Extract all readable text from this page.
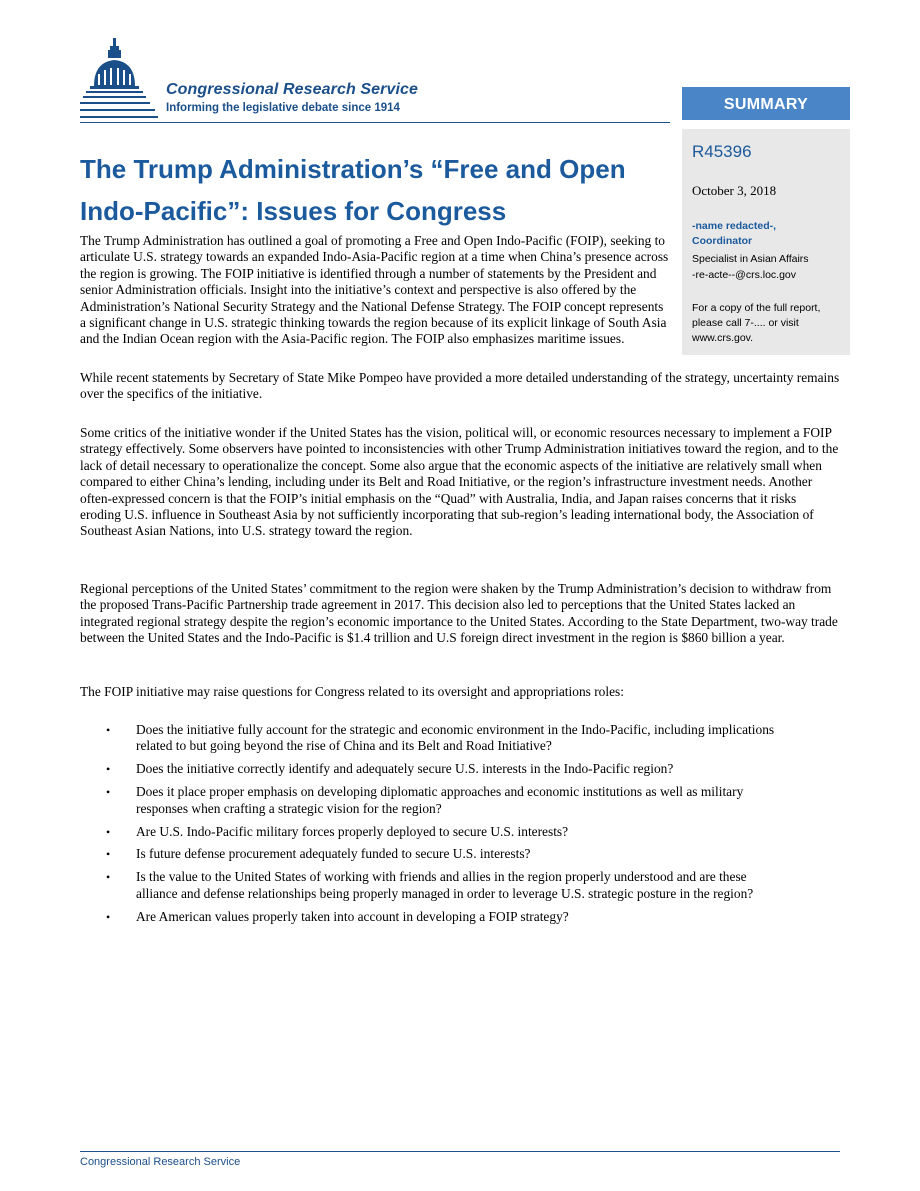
Congressional Research Service
Informing the legislative debate since 1914	SUMMARY
R45396
October 3, 2018
-name redacted-,
Coordinator
Specialist in Asian Affairs
-re-acte--@crs.loc.gov
For a copy of the full report, please call 7-.... or visit www.crs.gov.
The Trump Administration’s “Free and Open Indo-Pacific”: Issues for Congress

The Trump Administration has outlined a goal of promoting a Free and Open Indo-Pacific (FOIP), seeking to articulate U.S. strategy towards an expanded Indo-Asia-Pacific region at a time when China’s presence across the region is growing. The FOIP initiative is identified through a number of statements by the President and senior Administration officials. Insight into the initiative’s context and perspective is also offered by the Administration’s National Security Strategy and the National Defense Strategy. The FOIP concept represents a significant change in U.S. strategic thinking towards the region because of its explicit linkage of South Asia and the Indian Ocean region with the Asia-Pacific region. The FOIP also emphasizes maritime issues.

While recent statements by Secretary of State Mike Pompeo have provided a more detailed understanding of the strategy, uncertainty remains over the specifics of the initiative.

Some critics of the initiative wonder if the United States has the vision, political will, or economic resources necessary to implement a FOIP strategy effectively. Some observers have pointed to inconsistencies with other Trump Administration initiatives toward the region, and to the lack of detail necessary to operationalize the concept. Some also argue that the economic aspects of the initiative are relatively small when compared to either China’s lending, including under its Belt and Road Initiative, or the region’s infrastructure investment needs. Another often-expressed concern is that the FOIP’s initial emphasis on the “Quad” with Australia, India, and Japan raises concerns that it risks eroding U.S. influence in Southeast Asia by not sufficiently incorporating that sub-region’s leading international body, the Association of Southeast Asian Nations, into U.S. strategy toward the region.

Regional perceptions of the United States’ commitment to the region were shaken by the Trump Administration’s decision to withdraw from the proposed Trans-Pacific Partnership trade agreement in 2017. This decision also led to perceptions that the United States lacked an integrated regional strategy despite the region’s economic importance to the United States. According to the State Department, two-way trade between the United States and the Indo-Pacific is $1.4 trillion and U.S foreign direct investment in the region is $860 billion a year.

The FOIP initiative may raise questions for Congress related to its oversight and appropriations roles:

• Does the initiative fully account for the strategic and economic environment in the Indo-Pacific, including implications related to but going beyond the rise of China and its Belt and Road Initiative?
• Does the initiative correctly identify and adequately secure U.S. interests in the Indo-Pacific region?
• Does it place proper emphasis on developing diplomatic approaches and economic institutions as well as military responses when crafting a strategic vision for the region?
• Are U.S. Indo-Pacific military forces properly deployed to secure U.S. interests?
• Is future defense procurement adequately funded to secure U.S. interests?
• Is the value to the United States of working with friends and allies in the region properly understood and are these alliance and defense relationships being properly managed in order to leverage U.S. strategic posture in the region?
• Are American values properly taken into account in developing a FOIP strategy?
Congressional Research Service
